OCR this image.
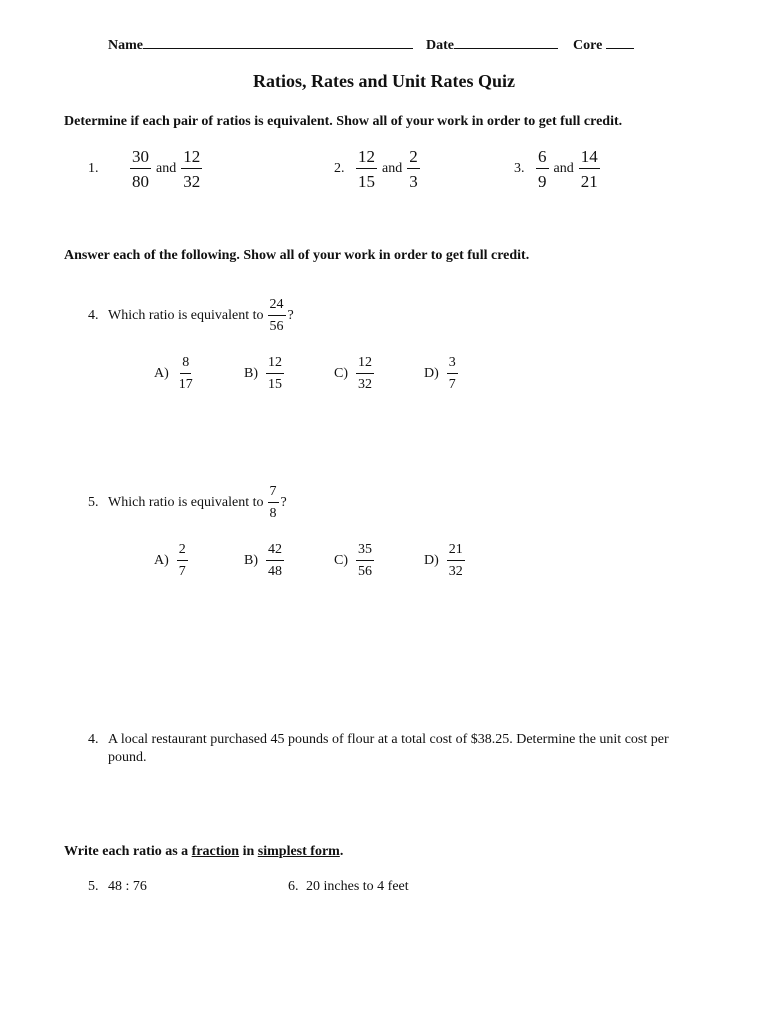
Name	Date	Core
Ratios, Rates and Unit Rates Quiz
Determine if each pair of ratios is equivalent. Show all of your work in order to get full credit.
1.	$\frac{30}{80}$ and $\frac{12}{32}$	2. $\frac{12}{15}$ and $\frac{2}{3}$	3. $\frac{6}{9}$ and $\frac{14}{21}$
Answer each of the following. Show all of your work in order to get full credit.
4. Which ratio is equivalent to $\frac{24}{56}$ ?
$A) \frac{8}{17}$	$B) \frac{12}{15}$	$C) \frac{12}{32}$	$D) \frac{3}{7}$
5. Which ratio is equivalent to $\frac{7}{8}$ ?
$A) \frac{2}{7}$	$B) \frac{42}{48}$	$C) \frac{35}{56}$	$D) \frac{21}{32}$
4. A local restaurant purchased 45 pounds of flour at a total cost of $38.25. Determine the unit cost per pound.
Write each ratio as a fraction in simplest form.
5. 48 : 76	6. 20 inches to 4 feet
